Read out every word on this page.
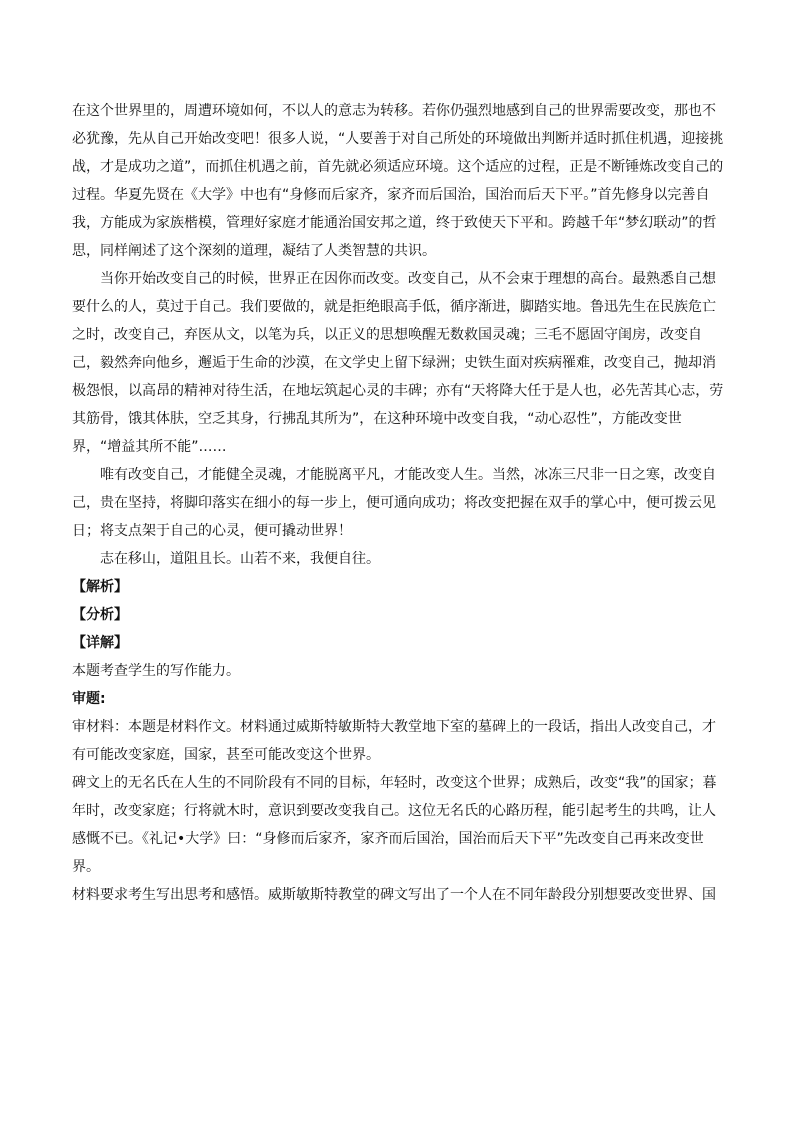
在这个世界里的，周遭环境如何，不以人的意志为转移。若你仍强烈地感到自己的世界需要改变，那也不必犹豫，先从自己开始改变吧！很多人说，“人要善于对自己所处的环境做出判断并适时抓住机遇，迎接挑战，才是成功之道”，而抓住机遇之前，首先就必须适应环境。这个适应的过程，正是不断锤炼改变自己的过程。华夏先贤在《大学》中也有“身修而后家齐，家齐而后国治，国治而后天下平。”首先修身以完善自我，方能成为家族楷模，管理好家庭才能通治国安邦之道，终于致使天下平和。跨越千年“梦幻联动”的哲思，同样阐述了这个深刻的道理，凝结了人类智慧的共识。

当你开始改变自己的时候，世界正在因你而改变。改变自己，从不会束于理想的高台。最熟悉自己想要什么的人，莫过于自己。我们要做的，就是拒绝眼高手低，循序渐进，脚踏实地。鲁迅先生在民族危亡之时，改变自己，弃医从文，以笔为兵，以正义的思想唤醒无数救国灵魂；三毛不愿固守闺房，改变自己，毅然奔向他乡，邂逅于生命的沙漠，在文学史上留下绿洲；史铁生面对疾病罹难，改变自己，抛却消极怨恨，以高昂的精神对待生活，在地坛筑起心灵的丰碑；亦有“天将降大任于是人也，必先苦其心志，劳其筋骨，饿其体肤，空乏其身，行拂乱其所为”，在这种环境中改变自我，“动心忍性”，方能改变世界，“增益其所不能”……

唯有改变自己，才能健全灵魂，才能脱离平凡，才能改变人生。当然，冰冻三尺非一日之寒，改变自己，贵在坚持，将脚印落实在细小的每一步上，便可通向成功；将改变把握在双手的掌心中，便可拨云见日；将支点架于自己的心灵，便可撬动世界！

志在移山，道阻且长。山若不来，我便自往。

【解析】

【分析】

【详解】

本题考查学生的写作能力。

审题:

审材料：本题是材料作文。材料通过威斯特敏斯特大教堂地下室的墓碑上的一段话，指出人改变自己，才有可能改变家庭，国家，甚至可能改变这个世界。

碑文上的无名氏在人生的不同阶段有不同的目标，年轻时，改变这个世界；成熟后，改变“我”的国家；暮年时，改变家庭；行将就木时，意识到要改变我自己。这位无名氏的心路历程，能引起考生的共鸣，让人感慨不已。《礼记•大学》曰：“身修而后家齐，家齐而后国治，国治而后天下平”先改变自己再来改变世界。

材料要求考生写出思考和感悟。威斯敏斯特教堂的碑文写出了一个人在不同年龄段分别想要改变世界、国
